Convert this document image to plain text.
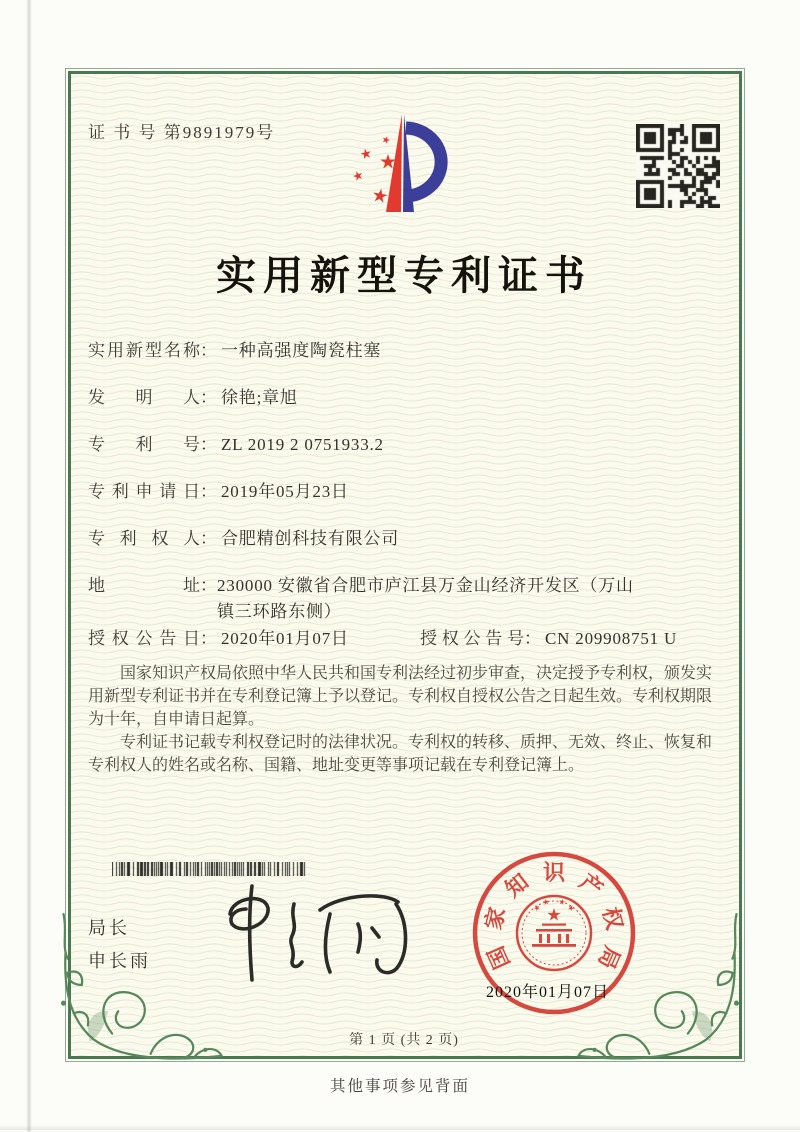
证 书 号 第9891979号
实用新型专利证书
实用新型名称： 一种高强度陶瓷柱塞
发明人： 徐艳;章旭
专利号： ZL 2019 2 0751933.2
专利申请日： 2019年05月23日
专利权人： 合肥精创科技有限公司
地址：230000 安徽省合肥市庐江县万金山经济开发区（万山镇三环路东侧）
授权公告日： 2020年01月07日	授权公告号： CN 209908751 U

国家知识产权局依照中华人民共和国专利法经过初步审查，决定授予专利权，颁发实用新型专利证书并在专利登记簿上予以登记。专利权自授权公告之日起生效。专利权期限为十年，自申请日起算。

专利证书记载专利权登记时的法律状况。专利权的转移、质押、无效、终止、恢复和专利权人的姓名或名称、国籍、地址变更等事项记载在专利登记簿上。

局长
申长雨	国
家
知 识 产
权
局
2020年01月07日
第 1 页 (共 2 页)
其他事项参见背面
